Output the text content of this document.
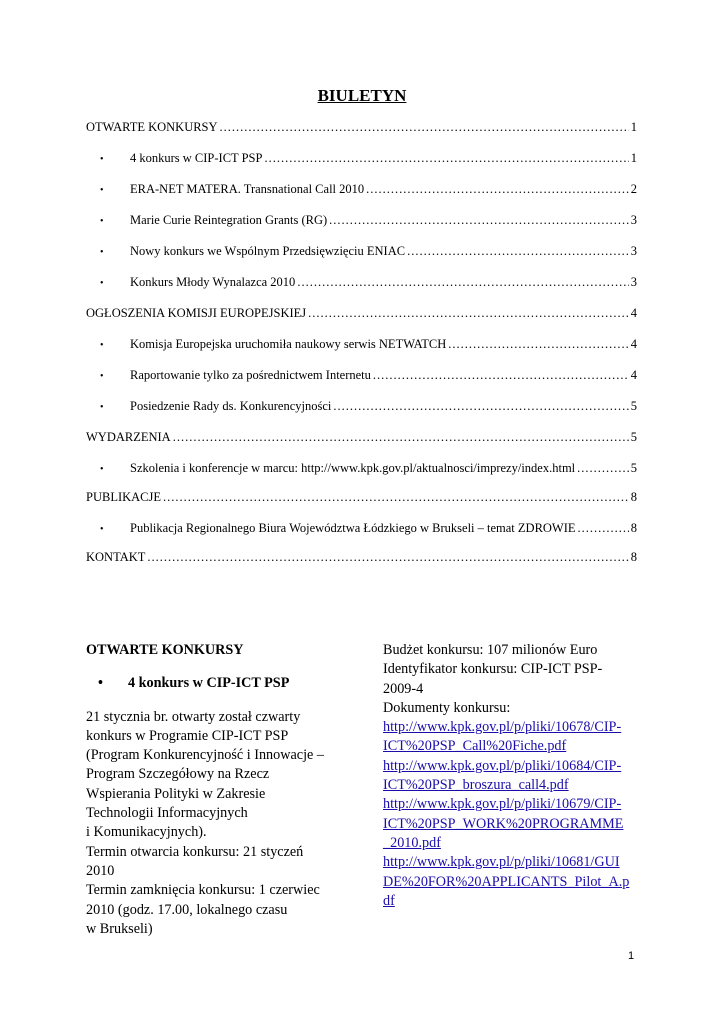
BIULETYN
OTWARTE KONKURSY .....	1
•	4 konkurs w CIP-ICT PSP .....	1
•	ERA-NET MATERA. Transnational Call 2010 .....	2
•	Marie Curie Reintegration Grants (RG) .....	3
•	Nowy konkurs we Wspólnym Przedsięwzięciu ENIAC .....	3
•	Konkurs Młody Wynalazca 2010 .....	3
OGŁOSZENIA KOMISJI EUROPEJSKIEJ .....	4
•	Komisja Europejska uruchomiła naukowy serwis NETWATCH .....	4
•	Raportowanie tylko za pośrednictwem Internetu .....	4
•	Posiedzenie Rady ds. Konkurencyjności .....	5
WYDARZENIA .....	5
•	Szkolenia i konferencje w marcu: http://www.kpk.gov.pl/aktualnosci/imprezy/index.html .....	5
PUBLIKACJE .....	8
•	Publikacja Regionalnego Biura Województwa Łódzkiego w Brukseli – temat ZDROWIE .....	8
KONTAKT .....	8
OTWARTE KONKURSY
•	4 konkurs w CIP-ICT PSP
21 stycznia br. otwarty został czwarty
konkurs w Programie CIP-ICT PSP
(Program Konkurencyjność i Innowacje –
Program Szczegółowy na Rzecz
Wspierania Polityki w Zakresie
Technologii Informacyjnych
i Komunikacyjnych).
Termin otwarcia konkursu: 21 styczeń
2010
Termin zamknięcia konkursu: 1 czerwiec
2010 (godz. 17.00, lokalnego czasu
w Brukseli)
Budżet konkursu: 107 milionów Euro
Identyfikator konkursu: CIP-ICT PSP-
2009-4
Dokumenty konkursu:
http://www.kpk.gov.pl/p/pliki/10678/CIP-
ICT%20PSP_Call%20Fiche.pdf
http://www.kpk.gov.pl/p/pliki/10684/CIP-
ICT%20PSP_broszura_call4.pdf
http://www.kpk.gov.pl/p/pliki/10679/CIP-
ICT%20PSP_WORK%20PROGRAMME
_2010.pdf
http://www.kpk.gov.pl/p/pliki/10681/GUI
DE%20FOR%20APPLICANTS_Pilot_A.p
df
1
